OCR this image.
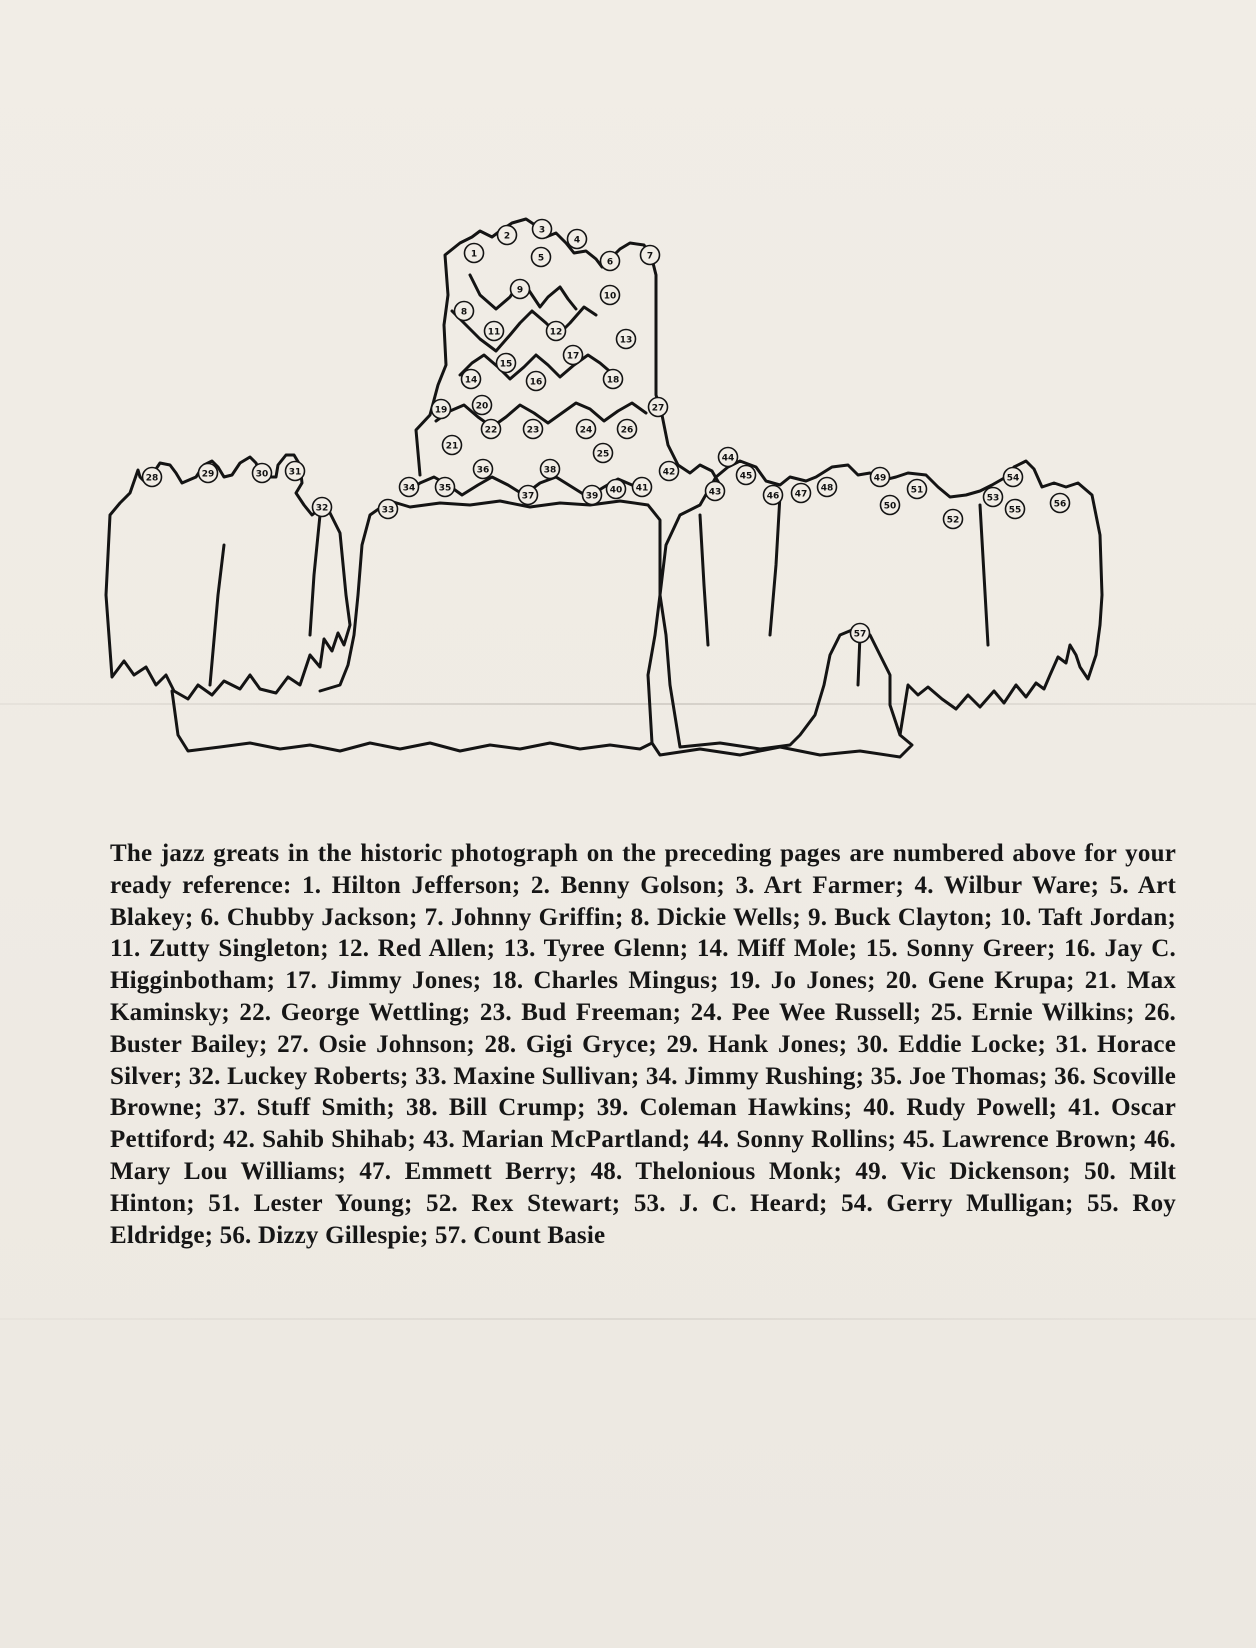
1
2
3
4
5	6
7
8
9
10
11	12
13
14
15
16
17
18
19	20
21
22	23	24
25
26
27
28	29	30 31
32	33
34	35
36
37
38
39
40 41
42
43
44
45
46 47
48
49
50
51
52
53
54
55
56
57
The jazz greats in the historic photograph on the preceding pages are numbered above for your ready reference: 1. Hilton Jefferson; 2. Benny Golson; 3. Art Farmer; 4. Wilbur Ware; 5. Art Blakey; 6. Chubby Jackson; 7. Johnny Griffin; 8. Dickie Wells; 9. Buck Clayton; 10. Taft Jordan; 11. Zutty Singleton; 12. Red Allen; 13. Tyree Glenn; 14. Miff Mole; 15. Sonny Greer; 16. Jay C. Higginbotham; 17. Jimmy Jones; 18. Charles Mingus; 19. Jo Jones; 20. Gene Krupa; 21. Max Kaminsky; 22. George Wettling; 23. Bud Freeman; 24. Pee Wee Russell; 25. Ernie Wilkins; 26. Buster Bailey; 27. Osie Johnson; 28. Gigi Gryce; 29. Hank Jones; 30. Eddie Locke; 31. Horace Silver; 32. Luckey Roberts; 33. Maxine Sullivan; 34. Jimmy Rushing; 35. Joe Thomas; 36. Scoville Browne; 37. Stuff Smith; 38. Bill Crump; 39. Coleman Hawkins; 40. Rudy Powell; 41. Oscar Pettiford; 42. Sahib Shihab; 43. Marian McPartland; 44. Sonny Rollins; 45. Lawrence Brown; 46. Mary Lou Williams; 47. Emmett Berry; 48. Thelonious Monk; 49. Vic Dickenson; 50. Milt Hinton; 51. Lester Young; 52. Rex Stewart; 53. J. C. Heard; 54. Gerry Mulligan; 55. Roy Eldridge; 56. Dizzy Gillespie; 57. Count Basie
